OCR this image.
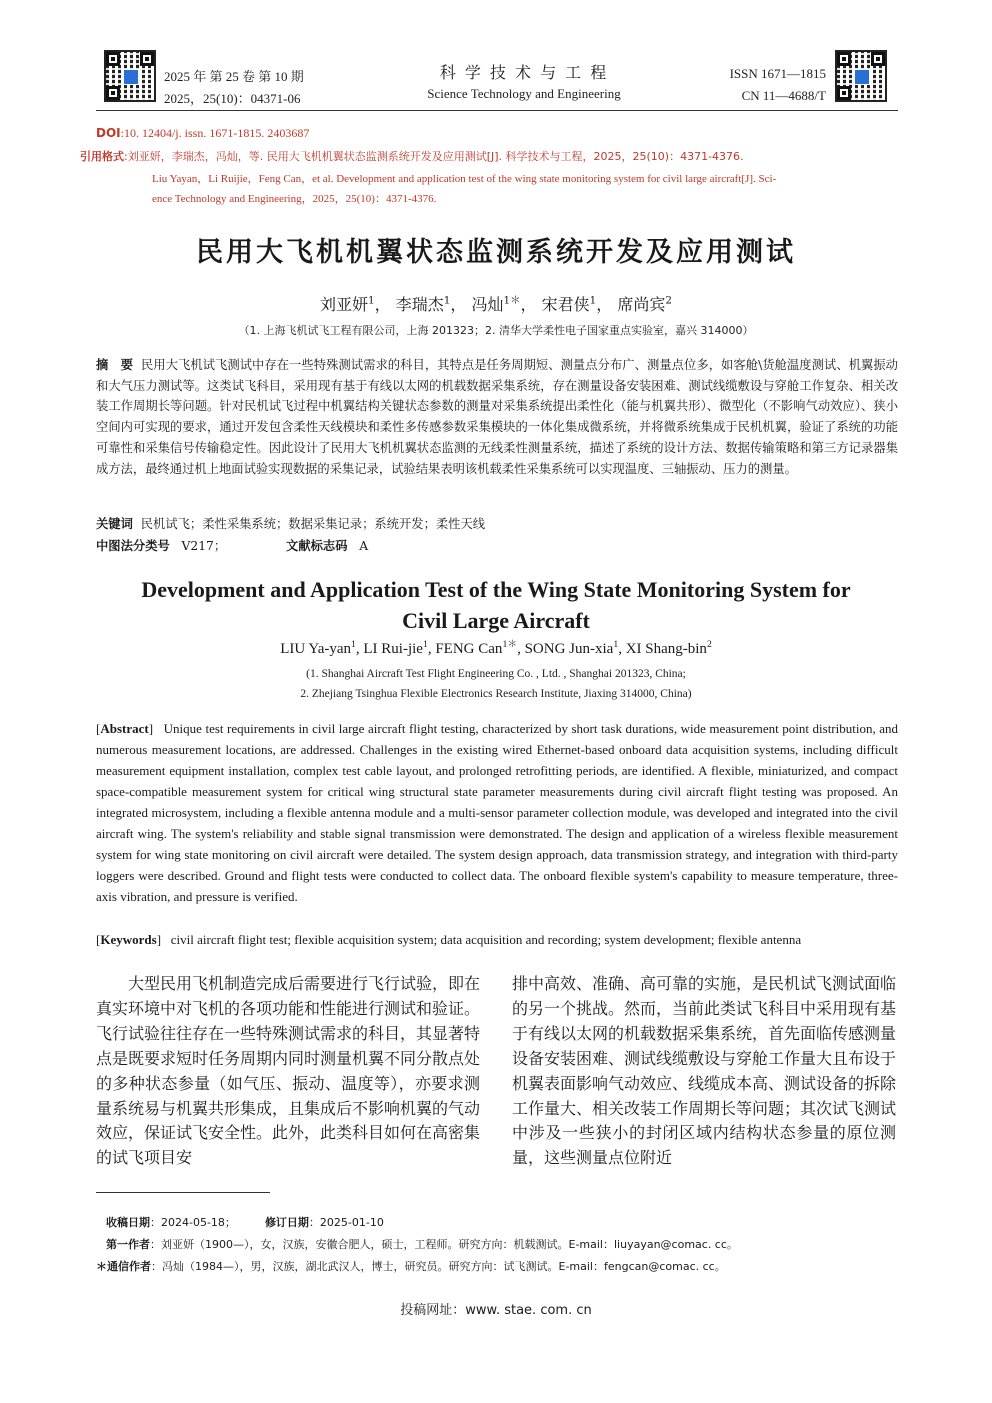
2025 年 第 25 卷 第 10 期
2025，25(10)：04371-06
科 学 技 术 与 工 程
Science Technology and Engineering
ISSN 1671—1815
CN 11—4688/T
DOI:10. 12404/j. issn. 1671-1815. 2403687
引用格式:刘亚妍，李瑞杰，冯灿，等. 民用大飞机机翼状态监测系统开发及应用测试[J]. 科学技术与工程，2025，25(10)：4371-4376.
Liu Yayan，Li Ruijie，Feng Can，et al. Development and application test of the wing state monitoring system for civil large aircraft[J]. Sci-
ence Technology and Engineering，2025，25(10)：4371-4376.
民用大飞机机翼状态监测系统开发及应用测试
刘亚妍$^1$， 李瑞杰$^1$， 冯灿$^{1*}$， 宋君侠$^1$， 席尚宾$^2$
（1. 上海飞机试飞工程有限公司，上海 201323；2. 清华大学柔性电子国家重点实验室，嘉兴 314000）
摘　要 民用大飞机试飞测试中存在一些特殊测试需求的科目，其特点是任务周期短、测量点分布广、测量点位多，如客舱\货舱温度测试、机翼振动和大气压力测试等。这类试飞科目，采用现有基于有线以太网的机载数据采集系统，存在测量设备安装困难、测试线缆敷设与穿舱工作复杂、相关改装工作周期长等问题。针对民机试飞过程中机翼结构关键状态参数的测量对采集系统提出柔性化（能与机翼共形）、微型化（不影响气动效应）、狭小空间内可实现的要求，通过开发包含柔性天线模块和柔性多传感参数采集模块的一体化集成微系统，并将微系统集成于民机机翼，验证了系统的功能可靠性和采集信号传输稳定性。因此设计了民用大飞机机翼状态监测的无线柔性测量系统，描述了系统的设计方法、数据传输策略和第三方记录器集成方法，最终通过机上地面试验实现数据的采集记录，试验结果表明该机载柔性采集系统可以实现温度、三轴振动、压力的测量。
关键词 民机试飞；柔性采集系统；数据采集记录；系统开发；柔性天线
中图法分类号 V217；	文献标志码 A
Development and Application Test of the Wing State Monitoring System for Civil Large Aircraft
LIU Ya-yan$^1$, LI Rui-jie$^1$, FENG Can$^{1*}$, SONG Jun-xia$^1$, XI Shang-bin$^2$
(1. Shanghai Aircraft Test Flight Engineering Co. , Ltd. , Shanghai 201323, China;
2. Zhejiang Tsinghua Flexible Electronics Research Institute, Jiaxing 314000, China)
[Abstract] Unique test requirements in civil large aircraft flight testing, characterized by short task durations, wide measurement point distribution, and numerous measurement locations, are addressed. Challenges in the existing wired Ethernet-based onboard data acquisition systems, including difficult measurement equipment installation, complex test cable layout, and prolonged retrofitting periods, are identified. A flexible, miniaturized, and compact space-compatible measurement system for critical wing structural state parameter measurements during civil aircraft flight testing was proposed. An integrated microsystem, including a flexible antenna module and a multi-sensor parameter collection module, was developed and integrated into the civil aircraft wing. The system's reliability and stable signal transmission were demonstrated. The design and application of a wireless flexible measurement system for wing state monitoring on civil aircraft were detailed. The system design approach, data transmission strategy, and integration with third-party loggers were described. Ground and flight tests were conducted to collect data. The onboard flexible system's capability to measure temperature, three-axis vibration, and pressure is verified.
[Keywords] civil aircraft flight test; flexible acquisition system; data acquisition and recording; system development; flexible antenna
大型民用飞机制造完成后需要进行飞行试验，即在真实环境中对飞机的各项功能和性能进行测试和验证。飞行试验往往存在一些特殊测试需求的科目，其显著特点是既要求短时任务周期内同时测量机翼不同分散点处的多种状态参量（如气压、振动、温度等），亦要求测量系统易与机翼共形集成，且集成后不影响机翼的气动效应，保证试飞安全性。此外，此类科目如何在高密集的试飞项目安
排中高效、准确、高可靠的实施，是民机试飞测试面临的另一个挑战。然而，当前此类试飞科目中采用现有基于有线以太网的机载数据采集系统，首先面临传感测量设备安装困难、测试线缆敷设与穿舱工作量大且布设于机翼表面影响气动效应、线缆成本高、测试设备的拆除工作量大、相关改装工作周期长等问题；其次试飞测试中涉及一些狭小的封闭区域内结构状态参量的原位测量，这些测量点位附近
收稿日期：2024-05-18；	修订日期：2025-01-10
第一作者：刘亚妍（1900—），女，汉族，安徽合肥人，硕士，工程师。研究方向：机载测试。E-mail：liuyayan@comac. cc。
＊通信作者：冯灿（1984—），男，汉族，湖北武汉人，博士，研究员。研究方向：试飞测试。E-mail：fengcan@comac. cc。
投稿网址：www. stae. com. cn
